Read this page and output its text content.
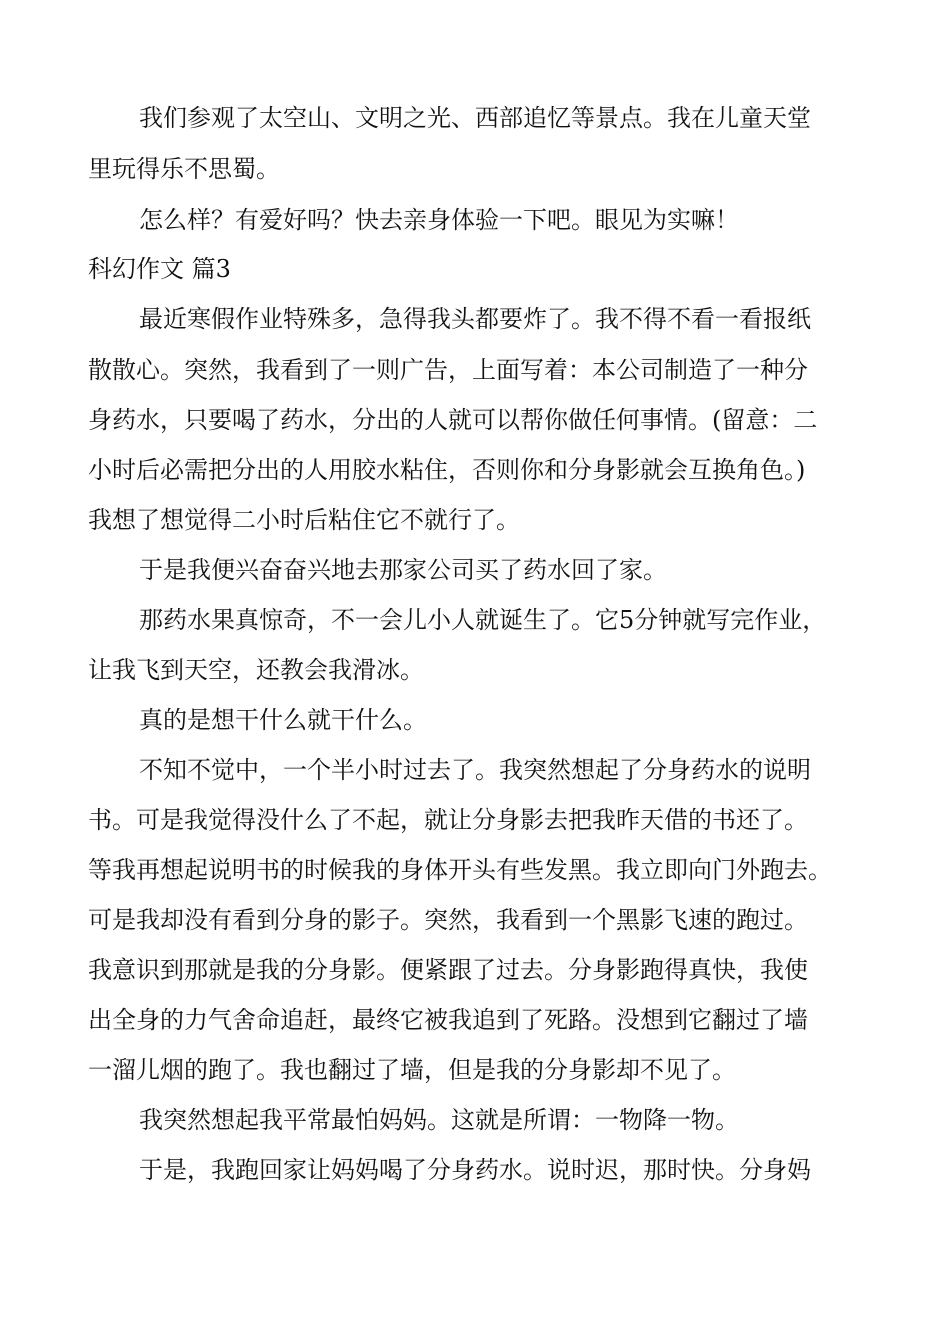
我们参观了太空山、文明之光、西部追忆等景点。我在儿童天堂
里玩得乐不思蜀。
怎么样？有爱好吗？快去亲身体验一下吧。眼见为实嘛！
科幻作文 篇3
最近寒假作业特殊多，急得我头都要炸了。我不得不看一看报纸
散散心。突然，我看到了一则广告，上面写着：本公司制造了一种分
身药水，只要喝了药水，分出的人就可以帮你做任何事情。(留意：二
小时后必需把分出的人用胶水粘住，否则你和分身影就会互换角色。)
我想了想觉得二小时后粘住它不就行了。
于是我便兴奋奋兴地去那家公司买了药水回了家。
那药水果真惊奇，不一会儿小人就诞生了。它5分钟就写完作业，
让我飞到天空，还教会我滑冰。
真的是想干什么就干什么。
不知不觉中，一个半小时过去了。我突然想起了分身药水的说明
书。可是我觉得没什么了不起，就让分身影去把我昨天借的书还了。
等我再想起说明书的时候我的身体开头有些发黑。我立即向门外跑去。
可是我却没有看到分身的影子。突然，我看到一个黑影飞速的跑过。
我意识到那就是我的分身影。便紧跟了过去。分身影跑得真快，我使
出全身的力气舍命追赶，最终它被我追到了死路。没想到它翻过了墙
一溜儿烟的跑了。我也翻过了墙，但是我的分身影却不见了。
我突然想起我平常最怕妈妈。这就是所谓：一物降一物。
于是，我跑回家让妈妈喝了分身药水。说时迟，那时快。分身妈
